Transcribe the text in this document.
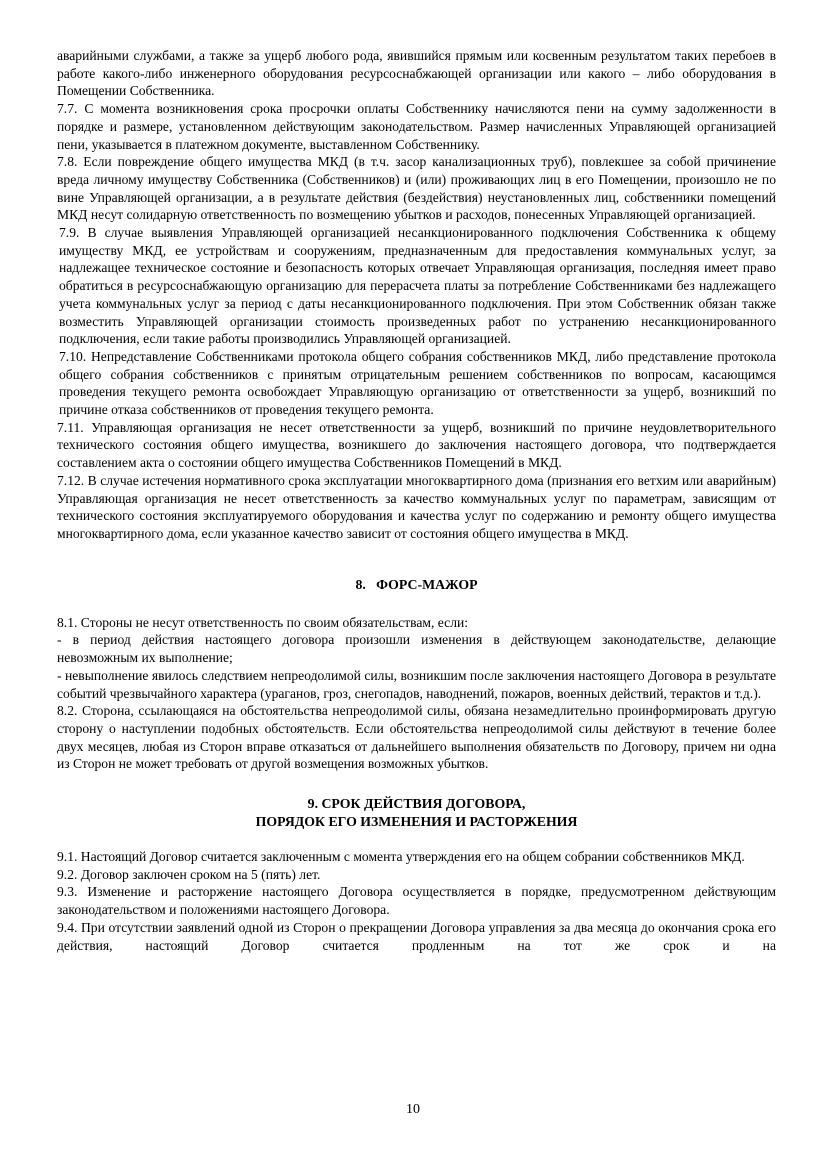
аварийными службами, а также за ущерб любого рода, явившийся прямым или косвенным результатом таких перебоев в работе какого-либо инженерного оборудования ресурсоснабжающей организации или какого – либо оборудования в Помещении Собственника.

7.7. С момента возникновения срока просрочки оплаты Собственнику начисляются пени на сумму задолженности в порядке и размере, установленном действующим законодательством. Размер начисленных Управляющей организацией пени, указывается в платежном документе, выставленном Собственнику.

7.8. Если повреждение общего имущества МКД (в т.ч. засор канализационных труб), повлекшее за собой причинение вреда личному имуществу Собственника (Собственников) и (или) проживающих лиц в его Помещении, произошло не по вине Управляющей организации, а в результате действия (бездействия) неустановленных лиц, собственники помещений МКД несут солидарную ответственность по возмещению убытков и расходов, понесенных Управляющей организацией.

7.9. В случае выявления Управляющей организацией несанкционированного подключения Собственника к общему имуществу МКД, ее устройствам и сооружениям, предназначенным для предоставления коммунальных услуг, за надлежащее техническое состояние и безопасность которых отвечает Управляющая организация, последняя имеет право обратиться в ресурсоснабжающую организацию для перерасчета платы за потребление Собственниками без надлежащего учета коммунальных услуг за период с даты несанкционированного подключения. При этом Собственник обязан также возместить Управляющей организации стоимость произведенных работ по устранению несанкционированного подключения, если такие работы производились Управляющей организацией.

7.10. Непредставление Собственниками протокола общего собрания собственников МКД, либо представление протокола общего собрания собственников с принятым отрицательным решением собственников по вопросам, касающимся проведения текущего ремонта освобождает Управляющую организацию от ответственности за ущерб, возникший по причине отказа собственников от проведения текущего ремонта.

7.11. Управляющая организация не несет ответственности за ущерб, возникший по причине неудовлетворительного технического состояния общего имущества, возникшего до заключения настоящего договора, что подтверждается составлением акта о состоянии общего имущества Собственников Помещений в МКД.

7.12. В случае истечения нормативного срока эксплуатации многоквартирного дома (признания его ветхим или аварийным) Управляющая организация не несет ответственность за качество коммунальных услуг по параметрам, зависящим от технического состояния эксплуатируемого оборудования и качества услуг по содержанию и ремонту общего имущества многоквартирного дома, если указанное качество зависит от состояния общего имущества в МКД.

8.   ФОРС-МАЖОР

8.1. Стороны не несут ответственность по своим обязательствам, если:

- в период действия настоящего договора произошли изменения в действующем законодательстве, делающие невозможным их выполнение;

- невыполнение явилось следствием непреодолимой силы, возникшим после заключения настоящего Договора в результате событий чрезвычайного характера (ураганов, гроз, снегопадов, наводнений, пожаров, военных действий, терактов и т.д.).

8.2. Сторона, ссылающаяся на обстоятельства непреодолимой силы, обязана незамедлительно проинформировать другую сторону о наступлении подобных обстоятельств. Если обстоятельства непреодолимой силы действуют в течение более двух месяцев, любая из Сторон вправе отказаться от дальнейшего выполнения обязательств по Договору, причем ни одна из Сторон не может требовать от другой возмещения возможных убытков.

9. СРОК ДЕЙСТВИЯ ДОГОВОРА,
ПОРЯДОК ЕГО ИЗМЕНЕНИЯ И РАСТОРЖЕНИЯ

9.1. Настоящий Договор считается заключенным с момента утверждения его на общем собрании собственников МКД.

9.2. Договор заключен сроком на 5 (пять) лет.

9.3. Изменение и расторжение настоящего Договора осуществляется в порядке, предусмотренном действующим законодательством и положениями настоящего Договора.

9.4. При отсутствии заявлений одной из Сторон о прекращении Договора управления за два месяца до окончания срока его действия, настоящий Договор считается продленным на тот же срок и на

10
